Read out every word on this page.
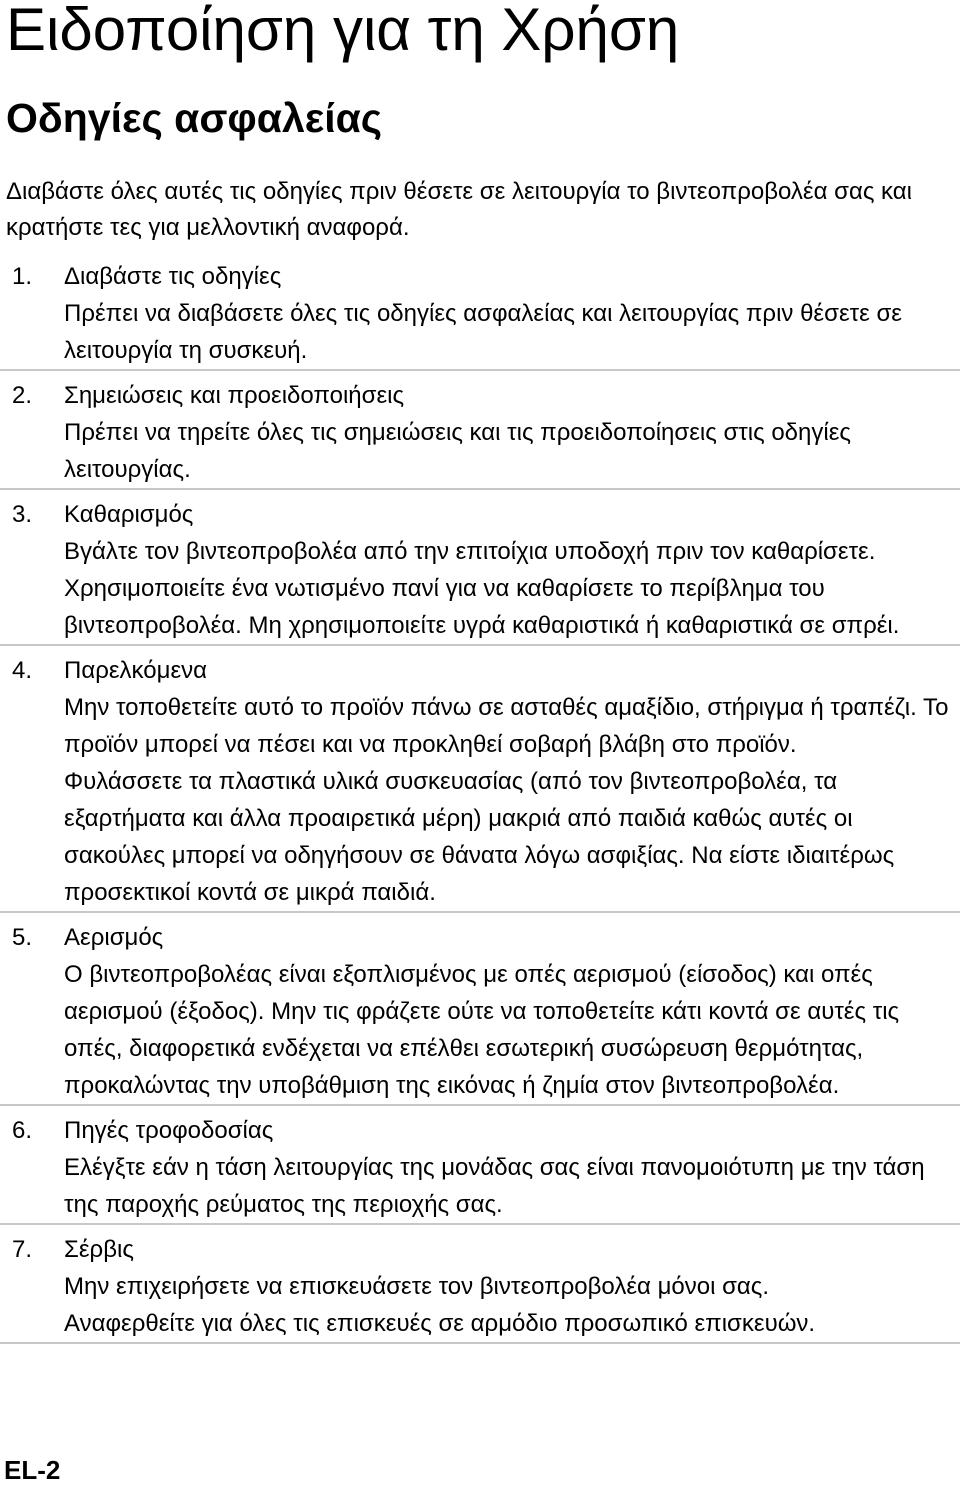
Ειδοποίηση για τη Χρήση
Οδηγίες ασφαλείας

Διαβάστε όλες αυτές τις οδηγίες πριν θέσετε σε λειτουργία το βιντεοπροβολέα σας και κρατήστε τες για μελλοντική αναφορά.

1. Διαβάστε τις οδηγίες
Πρέπει να διαβάσετε όλες τις οδηγίες ασφαλείας και λειτουργίας πριν θέσετε σε λειτουργία τη συσκευή.
2. Σημειώσεις και προειδοποιήσεις
Πρέπει να τηρείτε όλες τις σημειώσεις και τις προειδοποίησεις στις οδηγίες λειτουργίας.
3. Καθαρισμός
Βγάλτε τον βιντεοπροβολέα από την επιτοίχια υποδοχή πριν τον καθαρίσετε. Χρησιμοποιείτε ένα νωτισμένο πανί για να καθαρίσετε το περίβλημα του βιντεοπροβολέα. Μη χρησιμοποιείτε υγρά καθαριστικά ή καθαριστικά σε σπρέι.
4. Παρελκόμενα
Μην τοποθετείτε αυτό το προϊόν πάνω σε ασταθές αμαξίδιο, στήριγμα ή τραπέζι. Το προϊόν μπορεί να πέσει και να προκληθεί σοβαρή βλάβη στο προϊόν.
Φυλάσσετε τα πλαστικά υλικά συσκευασίας (από τον βιντεοπροβολέα, τα εξαρτήματα και άλλα προαιρετικά μέρη) μακριά από παιδιά καθώς αυτές οι σακούλες μπορεί να οδηγήσουν σε θάνατα λόγω ασφιξίας. Να είστε ιδιαιτέρως προσεκτικοί κοντά σε μικρά παιδιά.
5. Αερισμός
Ο βιντεοπροβολέας είναι εξοπλισμένος με οπές αερισμού (είσοδος) και οπές αερισμού (έξοδος). Μην τις φράζετε ούτε να τοποθετείτε κάτι κοντά σε αυτές τις οπές, διαφορετικά ενδέχεται να επέλθει εσωτερική συσώρευση θερμότητας, προκαλώντας την υποβάθμιση της εικόνας ή ζημία στον βιντεοπροβολέα.
6. Πηγές τροφοδοσίας
Ελέγξτε εάν η τάση λειτουργίας της μονάδας σας είναι πανομοιότυπη με την τάση της παροχής ρεύματος της περιοχής σας.
7. Σέρβις
Μην επιχειρήσετε να επισκευάσετε τον βιντεοπροβολέα μόνοι σας.
Αναφερθείτε για όλες τις επισκευές σε αρμόδιο προσωπικό επισκευών.
EL-2
